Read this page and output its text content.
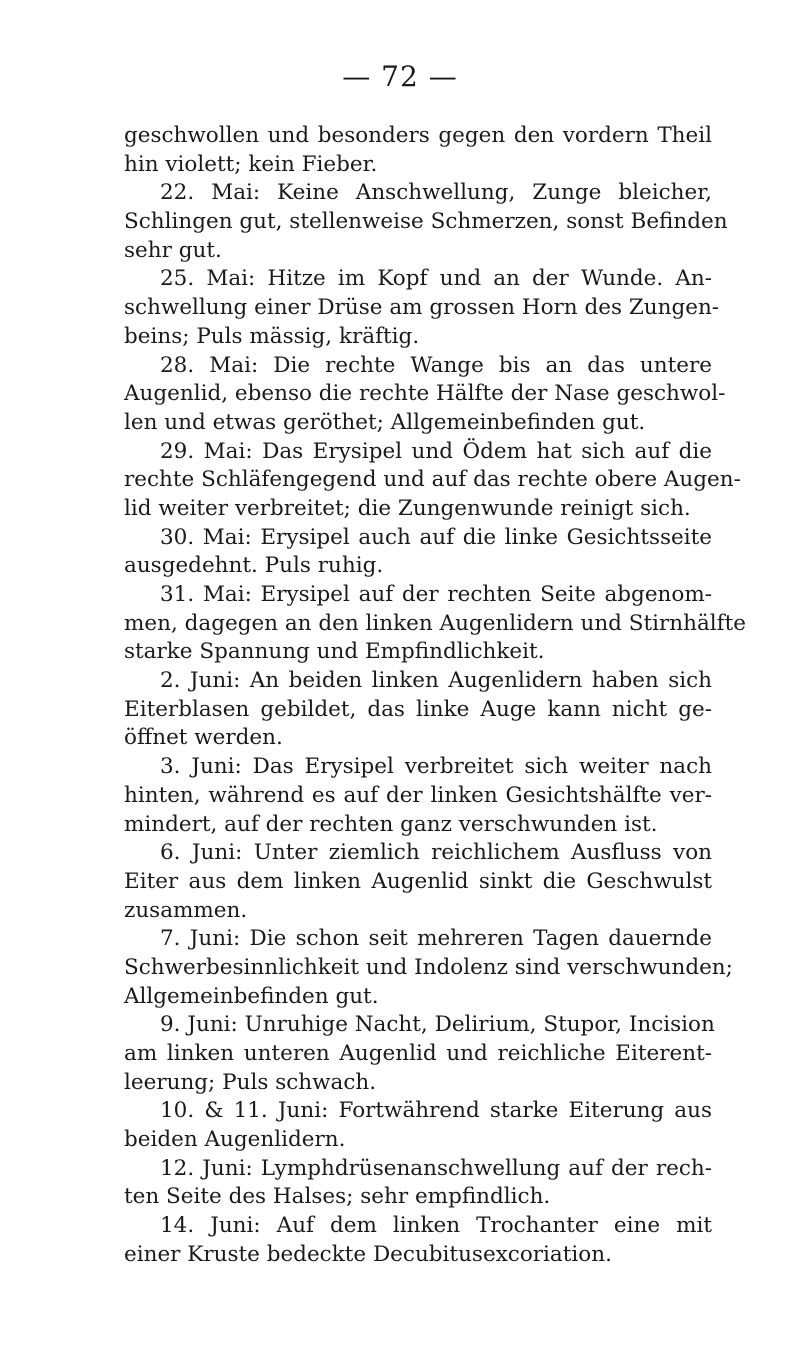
— 72 —
geschwollen und besonders gegen den vordern Theil
hin violett; kein Fieber.
22. Mai: Keine Anschwellung, Zunge bleicher,
Schlingen gut, stellenweise Schmerzen, sonst Befinden
sehr gut.
25. Mai: Hitze im Kopf und an der Wunde. An-
schwellung einer Drüse am grossen Horn des Zungen-
beins; Puls mässig, kräftig.
28. Mai: Die rechte Wange bis an das untere
Augenlid, ebenso die rechte Hälfte der Nase geschwol-
len und etwas geröthet; Allgemeinbefinden gut.
29. Mai: Das Erysipel und Ödem hat sich auf die
rechte Schläfengegend und auf das rechte obere Augen-
lid weiter verbreitet; die Zungenwunde reinigt sich.
30. Mai: Erysipel auch auf die linke Gesichtsseite
ausgedehnt. Puls ruhig.
31. Mai: Erysipel auf der rechten Seite abgenom-
men, dagegen an den linken Augenlidern und Stirnhälfte
starke Spannung und Empfindlichkeit.
2. Juni: An beiden linken Augenlidern haben sich
Eiterblasen gebildet, das linke Auge kann nicht ge-
öffnet werden.
3. Juni: Das Erysipel verbreitet sich weiter nach
hinten, während es auf der linken Gesichtshälfte ver-
mindert, auf der rechten ganz verschwunden ist.
6. Juni: Unter ziemlich reichlichem Ausfluss von
Eiter aus dem linken Augenlid sinkt die Geschwulst
zusammen.
7. Juni: Die schon seit mehreren Tagen dauernde
Schwerbesinnlichkeit und Indolenz sind verschwunden;
Allgemeinbefinden gut.
9. Juni: Unruhige Nacht, Delirium, Stupor, Incision
am linken unteren Augenlid und reichliche Eiterent-
leerung; Puls schwach.
10. & 11. Juni: Fortwährend starke Eiterung aus
beiden Augenlidern.
12. Juni: Lymphdrüsenanschwellung auf der rech-
ten Seite des Halses; sehr empfindlich.
14. Juni: Auf dem linken Trochanter eine mit
einer Kruste bedeckte Decubitusexcoriation.
